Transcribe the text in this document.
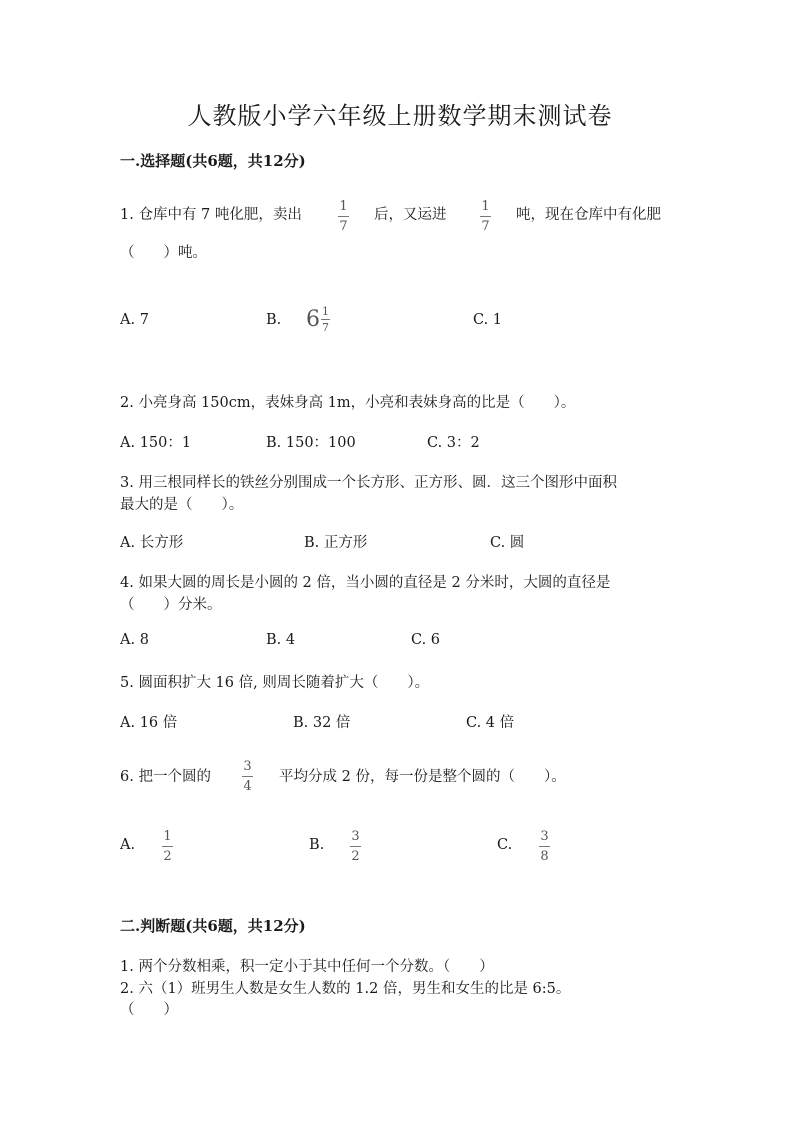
人教版小学六年级上册数学期末测试卷
一.选择题(共6题，共12分)
1. 仓库中有 7 吨化肥，卖出
1
7
后，又运进
1
7
吨，现在仓库中有化肥
（　　）吨。
A. 7	B. 6 1
7	C. 1
2. 小亮身高 150cm，表妹身高 1m，小亮和表妹身高的比是（　　）。
A. 150：1	B. 150：100	C. 3：2
3. 用三根同样长的铁丝分别围成一个长方形、正方形、圆．这三个图形中面积
最大的是（　　）。
A. 长方形	B. 正方形	C. 圆
4. 如果大圆的周长是小圆的 2 倍，当小圆的直径是 2 分米时，大圆的直径是
（　　）分米。
A. 8	B. 4	C. 6
5. 圆面积扩大 16 倍, 则周长随着扩大（　　）。
A. 16 倍	B. 32 倍	C. 4 倍
6. 把一个圆的
3
4
平均分成 2 份，每一份是整个圆的（　　）。
A.
1
2
B.
3
2
C.
3
8
二.判断题(共6题，共12分)
1. 两个分数相乘，积一定小于其中任何一个分数。（　　）
2. 六（1）班男生人数是女生人数的 1.2 倍，男生和女生的比是 6:5。
（　　）
